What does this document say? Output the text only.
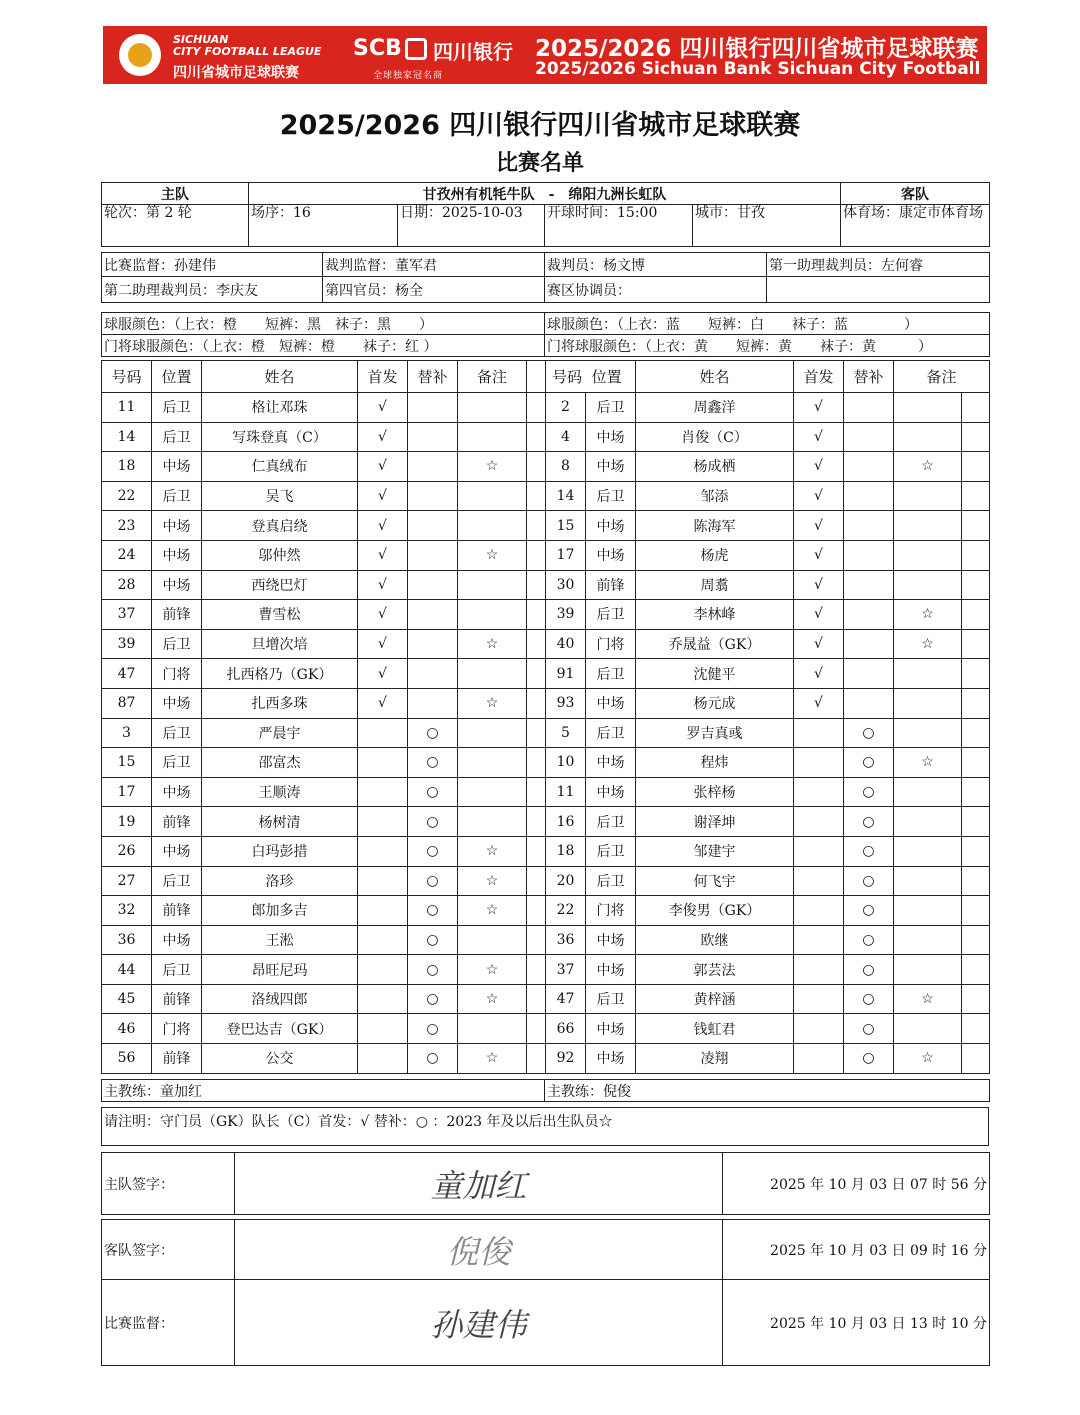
SICHUAN
CITY FOOTBALL LEAGUE
四川省城市足球联赛
SCB 四川银行
全球独家冠名商
2025/2026 四川银行四川省城市足球联赛
2025/2026 Sichuan Bank Sichuan City Football League
2025/2026 四川银行四川省城市足球联赛
比赛名单
主队	甘孜州有机牦牛队　-　绵阳九洲长虹队				客队
轮次：第 2 轮	场序：16	日期：2025-10-03	开球时间：15:00	城市：甘孜	体育场：康定市体育场
比赛监督：孙建伟	裁判监督：董军君	裁判员：杨文博	第一助理裁判员：左何睿
第二助理裁判员：李庆友	第四官员：杨全	赛区协调员：	
球服颜色：（上衣：橙　　短裤：黑　袜子：黑　　）	球服颜色：（上衣：蓝　　短裤：白　　袜子：蓝　　　　）
门将球服颜色：（上衣：橙　短裤：橙　　袜子：红 ）	门将球服颜色：（上衣：黄　　短裤：黄　　袜子：黄　　　）
号码	位置	姓名	首发	替补	备注		号码 位置		姓名	首发	替补	备注	
11	后卫	格让邓珠	√				2	后卫	周鑫洋	√			
14	后卫	写珠登真（C）	√				4	中场	肖俊（C）	√			
18	中场	仁真绒布	√		☆		8	中场	杨成栖	√		☆	
22	后卫	吴飞	√				14	后卫	邹添	√			
23	中场	登真启绕	√				15	中场	陈海军	√			
24	中场	邬仲然	√		☆		17	中场	杨虎	√			
28	中场	西绕巴灯	√				30	前锋	周翥	√			
37	前锋	曹雪松	√				39	后卫	李林峰	√		☆	
39	后卫	旦增次培	√		☆		40	门将	乔晟益（GK）	√		☆	
47	门将	扎西格乃（GK）	√				91	后卫	沈健平	√			
87	中场	扎西多珠	√		☆		93	中场	杨元成	√			
3	后卫	严晨宇		○			5	后卫	罗吉真彧		○		
15	后卫	邵富杰		○			10	中场	程炜		○	☆	
17	中场	王顺涛		○			11	中场	张梓杨		○		
19	前锋	杨树清		○			16	后卫	谢泽坤		○		
26	中场	白玛彭措		○	☆		18	后卫	邹建宇		○		
27	后卫	洛珍		○	☆		20	后卫	何飞宇		○		
32	前锋	郎加多吉		○	☆		22	门将	李俊男（GK）		○		
36	中场	王淞		○			36	中场	欧继		○		
44	后卫	昂旺尼玛		○	☆		37	中场	郭芸法		○		
45	前锋	洛绒四郎		○	☆		47	后卫	黄梓涵		○	☆	
46	门将	登巴达吉（GK）		○			66	中场	钱虹君		○		
56	前锋	公交		○	☆		92	中场	凌翔		○	☆	
主教练：童加红	主教练：倪俊
请注明：守门员（GK）队长（C）首发：√ 替补：○ ：2023 年及以后出生队员☆
主队签字：	童加红	2025 年 10 月 03 日 07 时 56 分
客队签字：	倪俊	2025 年 10 月 03 日 09 时 16 分
比赛监督：	孙建伟	2025 年 10 月 03 日 13 时 10 分
